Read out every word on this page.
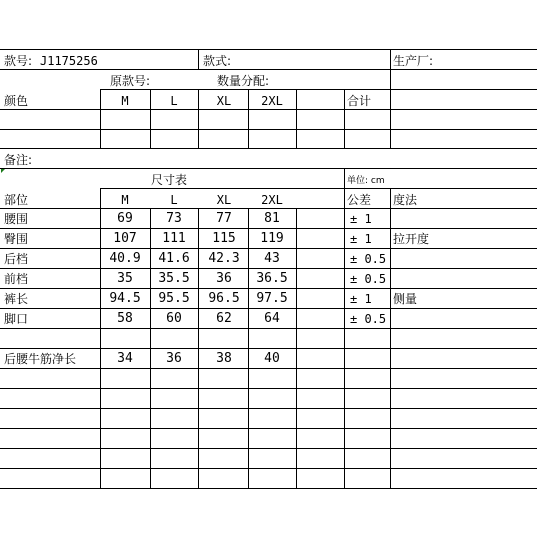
款号: J1175256	款式:	生产厂:
原款号:	数量分配:
颜色	M	L	XL 2XL	合计
备注:
尺寸表	单位: cm
部位	M	L	XL 2XL	公差 度法
腰围	69	73	77 81	± 1
臀围	107 111 115 119	± 1 拉开度
后档	40.9 41.6 42.3 43	± 0.5
前档	35 35.5 36 36.5	± 0.5
裤长	94.5 95.5 96.5 97.5	± 1 侧量
脚口	58	60	62 64	± 0.5
后腰牛筋净长	34	36	38 40
